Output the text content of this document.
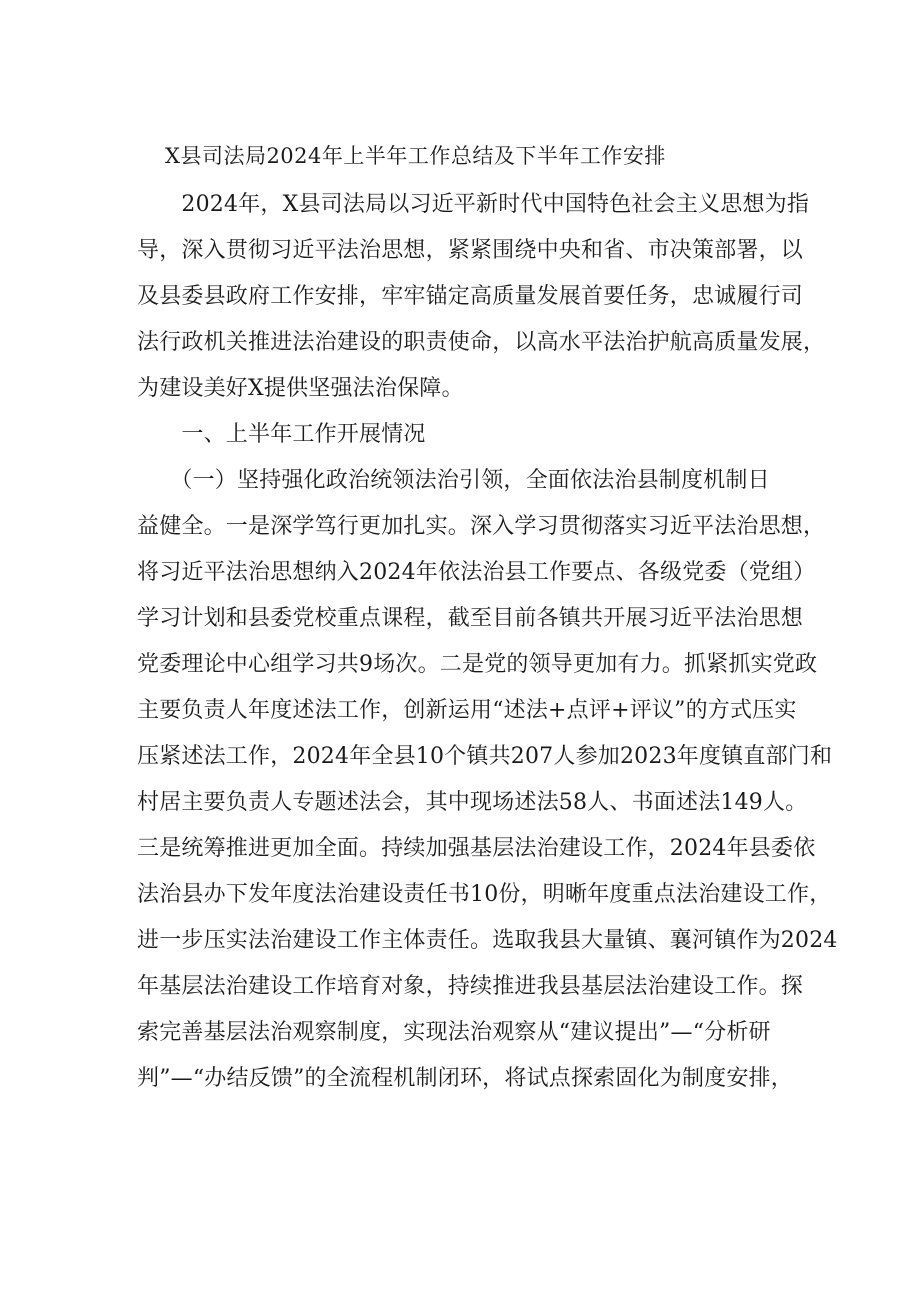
X县司法局2024年上半年工作总结及下半年工作安排
　　2024年，X县司法局以习近平新时代中国特色社会主义思想为指
导，深入贯彻习近平法治思想，紧紧围绕中央和省、市决策部署，以
及县委县政府工作安排，牢牢锚定高质量发展首要任务，忠诚履行司
法行政机关推进法治建设的职责使命，以高水平法治护航高质量发展，
为建设美好X提供坚强法治保障。
　　一、上半年工作开展情况
　　（一）坚持强化政治统领法治引领，全面依法治县制度机制日
益健全。一是深学笃行更加扎实。深入学习贯彻落实习近平法治思想，
将习近平法治思想纳入2024年依法治县工作要点、各级党委（党组）
学习计划和县委党校重点课程，截至目前各镇共开展习近平法治思想
党委理论中心组学习共9场次。二是党的领导更加有力。抓紧抓实党政
主要负责人年度述法工作，创新运用“述法+点评+评议”的方式压实
压紧述法工作，2024年全县10个镇共207人参加2023年度镇直部门和
村居主要负责人专题述法会，其中现场述法58人、书面述法149人。
三是统筹推进更加全面。持续加强基层法治建设工作，2024年县委依
法治县办下发年度法治建设责任书10份，明晰年度重点法治建设工作，
进一步压实法治建设工作主体责任。选取我县大量镇、襄河镇作为2024
年基层法治建设工作培育对象，持续推进我县基层法治建设工作。探
索完善基层法治观察制度，实现法治观察从“建议提出”—“分析研
判”—“办结反馈”的全流程机制闭环，将试点探索固化为制度安排，
